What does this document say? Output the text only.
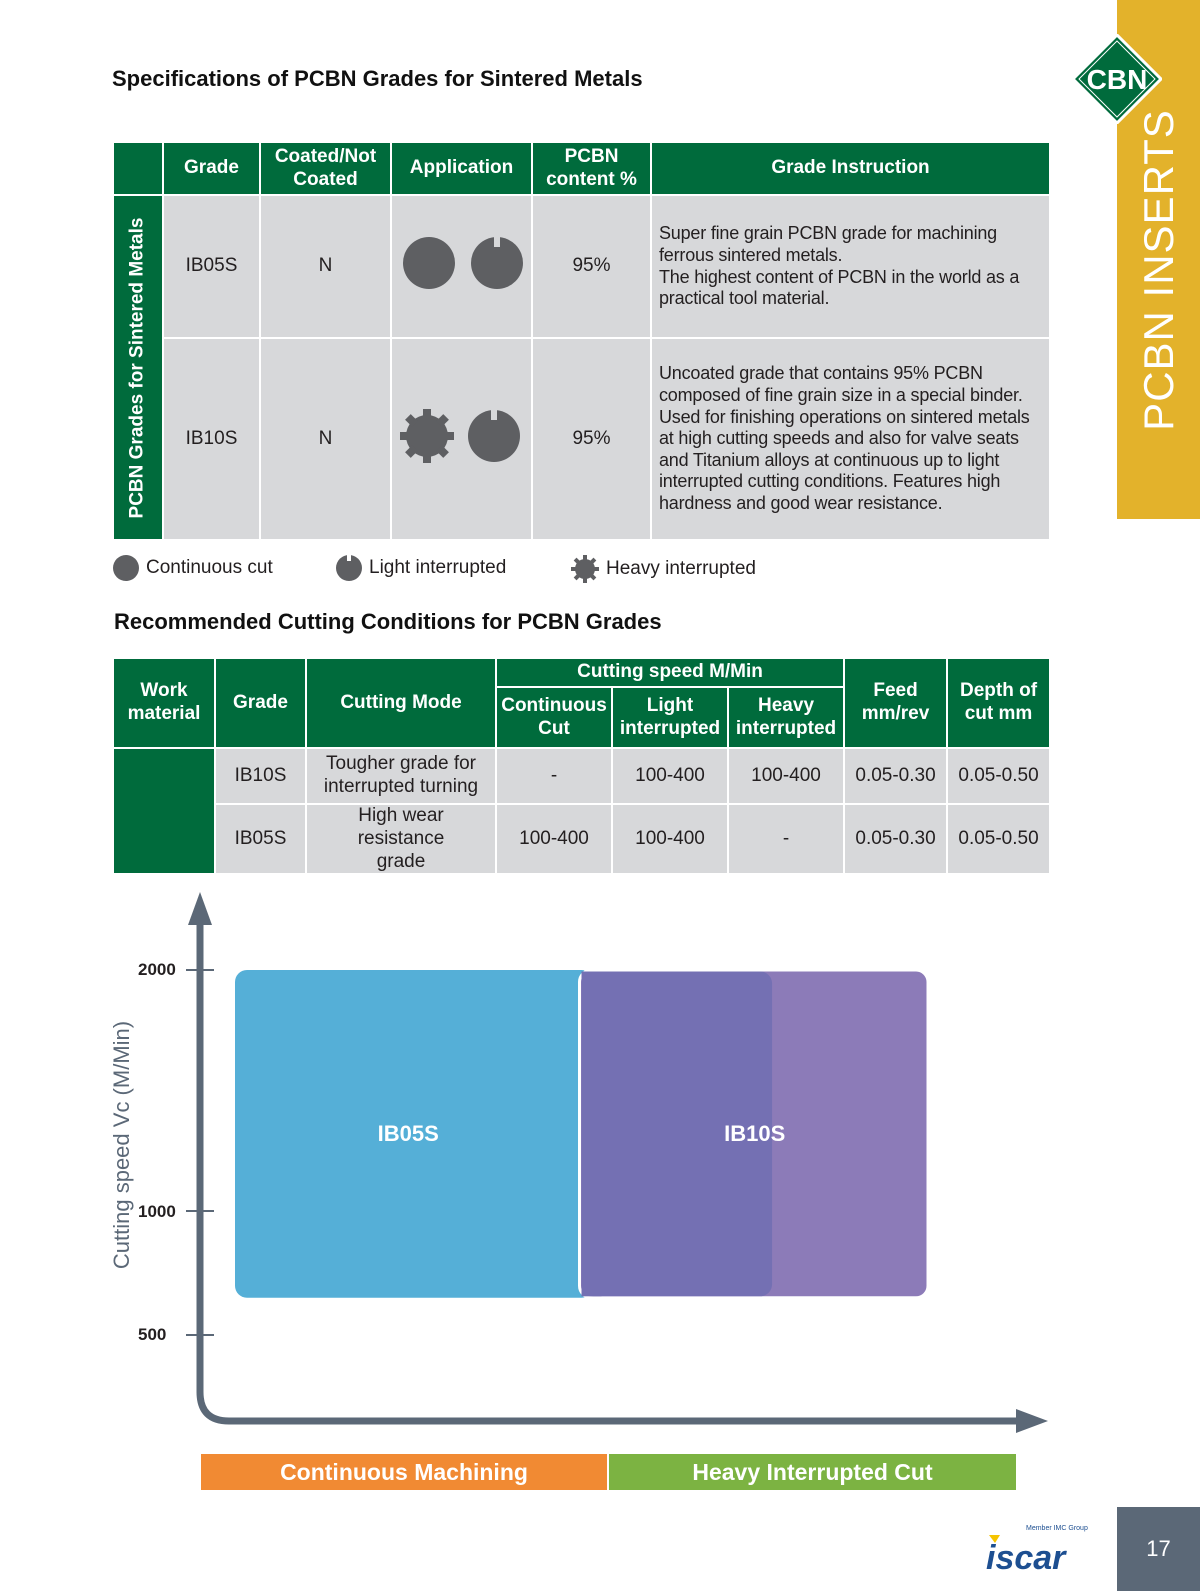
PCBN INSERTS
CBN
Specifications of PCBN Grades for Sintered Metals
	Grade	Coated/Not Coated	Application	PCBN content %	Grade Instruction

PCBN Grades for Sintered Metals	IB05S	N		95%	Super fine grain PCBN grade for machining ferrous sintered metals.
The highest content of PCBN in the world as a practical tool material.

	IB10S	N		95%	Uncoated grade that contains 95% PCBN composed of fine grain size in a special binder. Used for finishing operations on sintered metals at high cutting speeds and also for valve seats and Titanium alloys at continuous up to light interrupted cutting conditions. Features high hardness and good wear resistance.
Continuous cut	Light interrupted	Heavy interrupted
Recommended Cutting Conditions for PCBN Grades
Work material	Grade	Cutting Mode	Cutting speed M/Min			Feed mm/rev	Depth of cut mm
			Continuous Cut	Light interrupted	Heavy interrupted		
	IB10S	Tougher grade for interrupted turning	-	100-400	100-400	0.05-0.30	0.05-0.50
	IB05S	High wear resistance grade	100-400	100-400	-	0.05-0.30	0.05-0.50
Cutting speed Vc (M/Min)
2000
1000
500
IB05S	IB10S
Continuous Machining	Heavy Interrupted Cut
Member IMC Group
iscar	17
